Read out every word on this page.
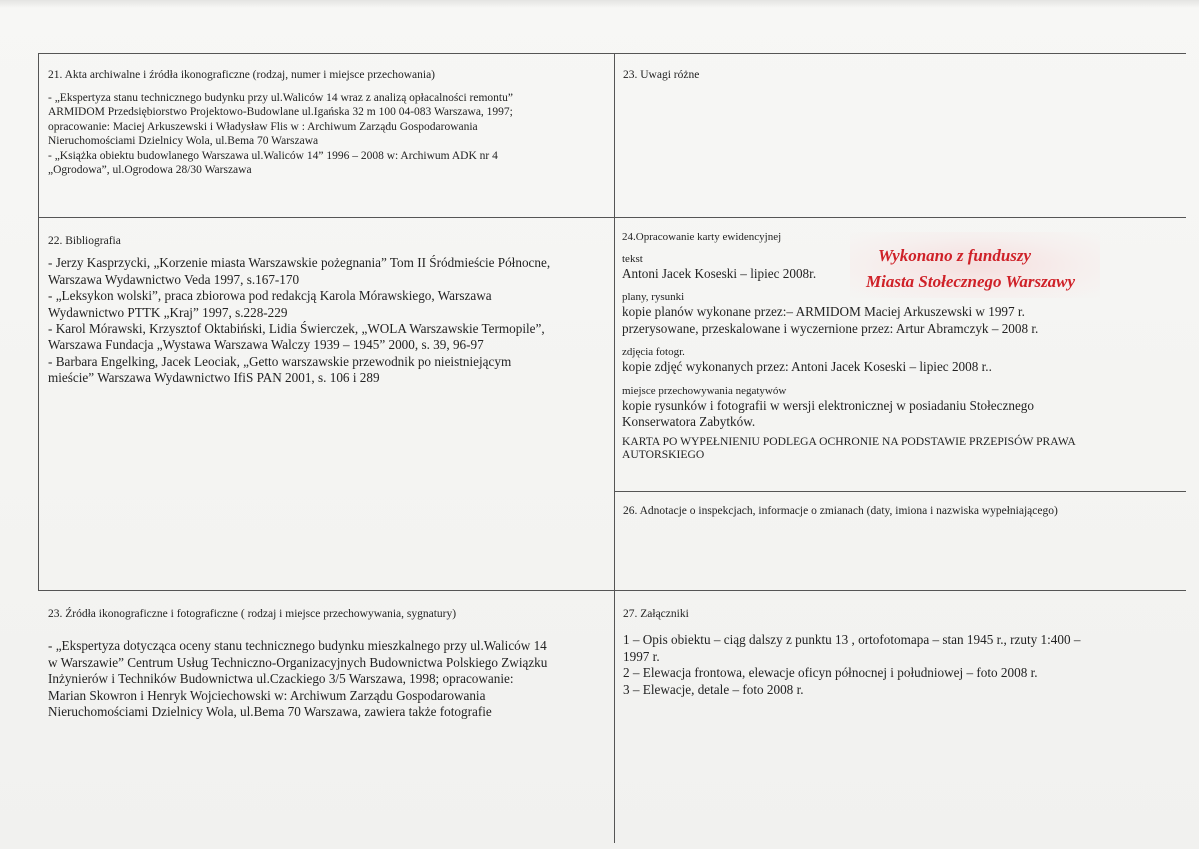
21. Akta archiwalne i źródła ikonograficzne (rodzaj, numer i miejsce przechowania)
- „Ekspertyza stanu technicznego budynku przy ul.Waliców 14 wraz z analizą opłacalności remontu”
ARMIDOM Przedsiębiorstwo Projektowo-Budowlane ul.Igańska 32 m 100 04-083 Warszawa, 1997;
opracowanie: Maciej Arkuszewski i Władysław Flis w : Archiwum Zarządu Gospodarowania
Nieruchomościami Dzielnicy Wola, ul.Bema 70 Warszawa
- „Książka obiektu budowlanego Warszawa ul.Waliców 14” 1996 – 2008 w: Archiwum ADK nr 4
„Ogrodowa”, ul.Ogrodowa 28/30 Warszawa
23. Uwagi różne
22. Bibliografia
- Jerzy Kasprzycki, „Korzenie miasta Warszawskie pożegnania” Tom II Śródmieście Północne,
Warszawa Wydawnictwo Veda 1997, s.167-170
- „Leksykon wolski”, praca zbiorowa pod redakcją Karola Mórawskiego, Warszawa
Wydawnictwo PTTK „Kraj” 1997, s.228-229
- Karol Mórawski, Krzysztof Oktabiński, Lidia Świerczek, „WOLA Warszawskie Termopile”,
Warszawa Fundacja „Wystawa Warszawa Walczy 1939 – 1945” 2000, s. 39, 96-97
- Barbara Engelking, Jacek Leociak, „Getto warszawskie przewodnik po nieistniejącym
mieście” Warszawa Wydawnictwo IfiS PAN 2001, s. 106 i 289
Wykonano z funduszy
Miasta Stołecznego Warszawy
24.Opracowanie karty ewidencyjnej
tekst
Antoni Jacek Koseski – lipiec 2008r.
plany, rysunki
kopie planów wykonane przez:– ARMIDOM Maciej Arkuszewski w 1997 r.
przerysowane, przeskalowane i wyczernione przez: Artur Abramczyk – 2008 r.
zdjęcia fotogr.
kopie zdjęć wykonanych przez: Antoni Jacek Koseski – lipiec 2008 r..
miejsce przechowywania negatywów
kopie rysunków i fotografii w wersji elektronicznej w posiadaniu Stołecznego
Konserwatora Zabytków.
KARTA PO WYPEŁNIENIU PODLEGA OCHRONIE NA PODSTAWIE PRZEPISÓW PRAWA
AUTORSKIEGO
26. Adnotacje o inspekcjach, informacje o zmianach (daty, imiona i nazwiska wypełniającego)
23. Źródła ikonograficzne i fotograficzne ( rodzaj i miejsce przechowywania, sygnatury)
- „Ekspertyza dotycząca oceny stanu technicznego budynku mieszkalnego przy ul.Waliców 14
w Warszawie” Centrum Usług Techniczno-Organizacyjnych Budownictwa Polskiego Związku
Inżynierów i Techników Budownictwa ul.Czackiego 3/5 Warszawa, 1998; opracowanie:
Marian Skowron i Henryk Wojciechowski w: Archiwum Zarządu Gospodarowania
Nieruchomościami Dzielnicy Wola, ul.Bema 70 Warszawa, zawiera także fotografie
27. Załączniki
1 – Opis obiektu – ciąg dalszy z punktu 13 , ortofotomapa – stan 1945 r., rzuty 1:400 –
1997 r.
2 – Elewacja frontowa, elewacje oficyn północnej i południowej – foto 2008 r.
3 – Elewacje, detale – foto 2008 r.
